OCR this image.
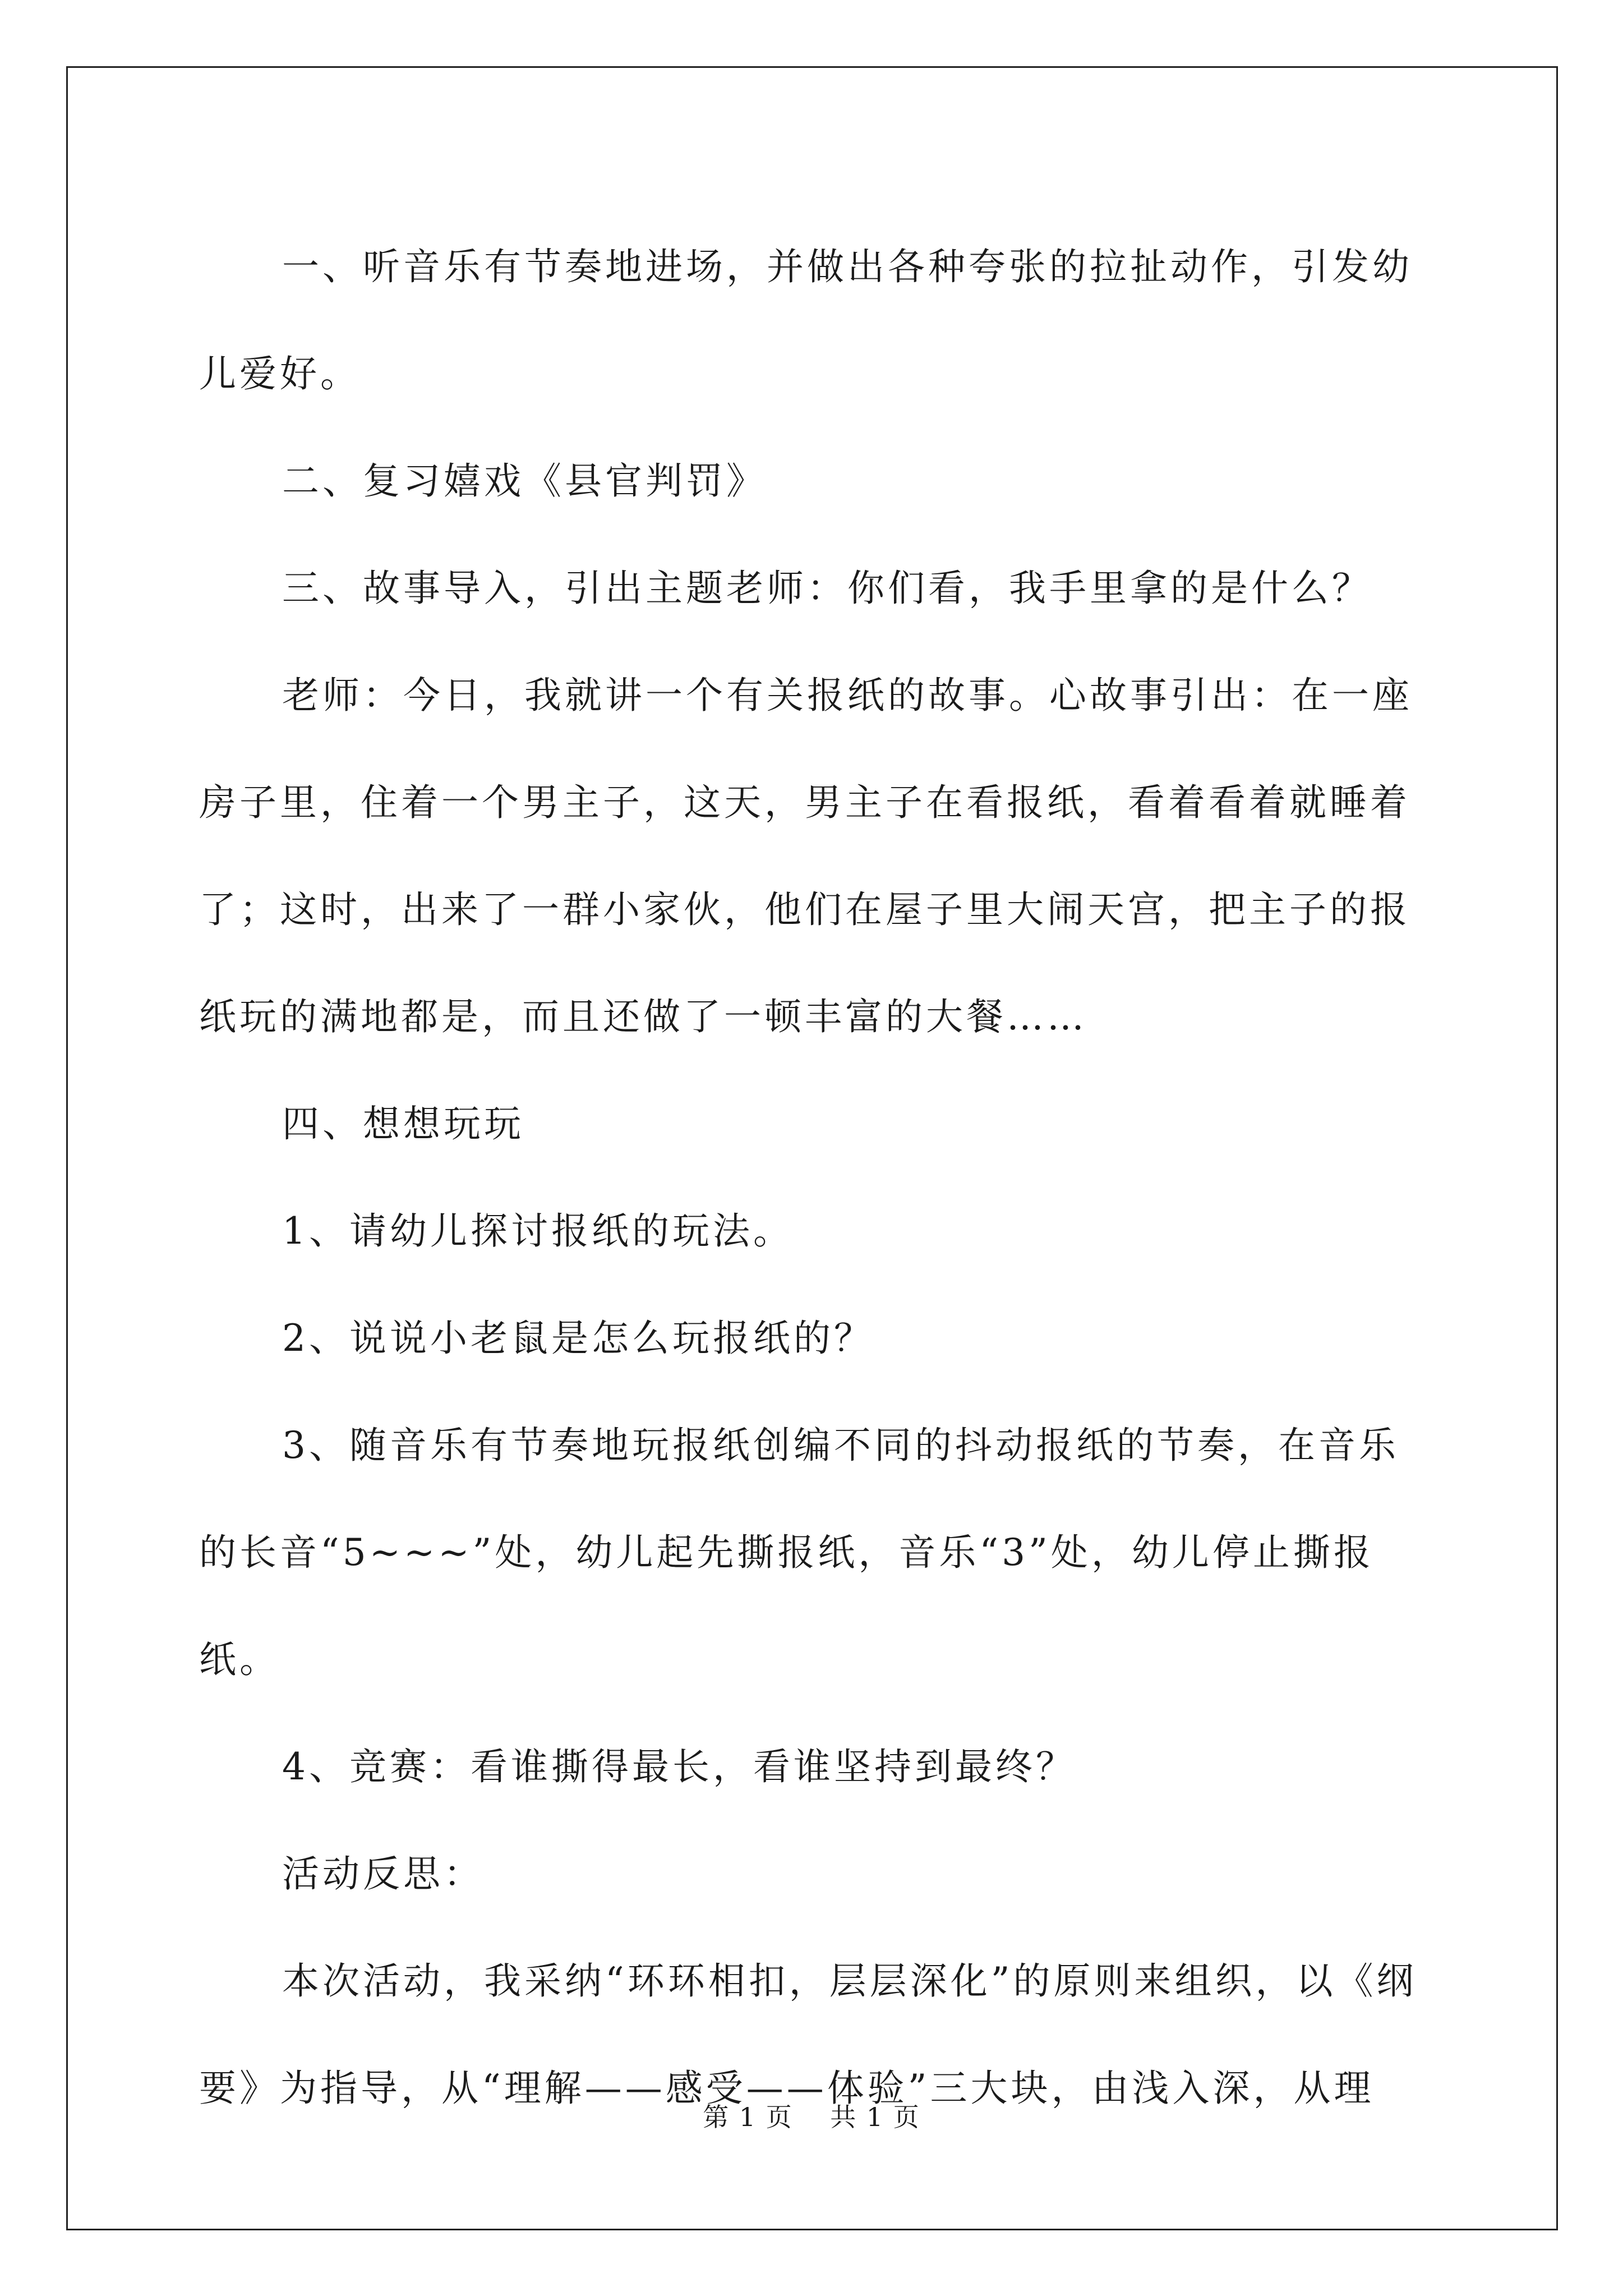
一、听音乐有节奏地进场，并做出各种夸张的拉扯动作，引发幼儿爱好。

二、复习嬉戏《县官判罚》

三、故事导入，引出主题老师：你们看，我手里拿的是什么？

老师：今日，我就讲一个有关报纸的故事。心故事引出：在一座房子里，住着一个男主子，这天，男主子在看报纸，看着看着就睡着了；这时，出来了一群小家伙，他们在屋子里大闹天宫，把主子的报纸玩的满地都是，而且还做了一顿丰富的大餐……

四、想想玩玩

1、请幼儿探讨报纸的玩法。

2、说说小老鼠是怎么玩报纸的？

3、随音乐有节奏地玩报纸创编不同的抖动报纸的节奏，在音乐的长音“5~~~”处，幼儿起先撕报纸，音乐“3”处，幼儿停止撕报纸。

4、竞赛：看谁撕得最长，看谁坚持到最终？

活动反思：

本次活动，我采纳“环环相扣，层层深化”的原则来组织，以《纲要》为指导，从“理解——感受——体验”三大块，由浅入深，从理

第 1 页 共 1 页
